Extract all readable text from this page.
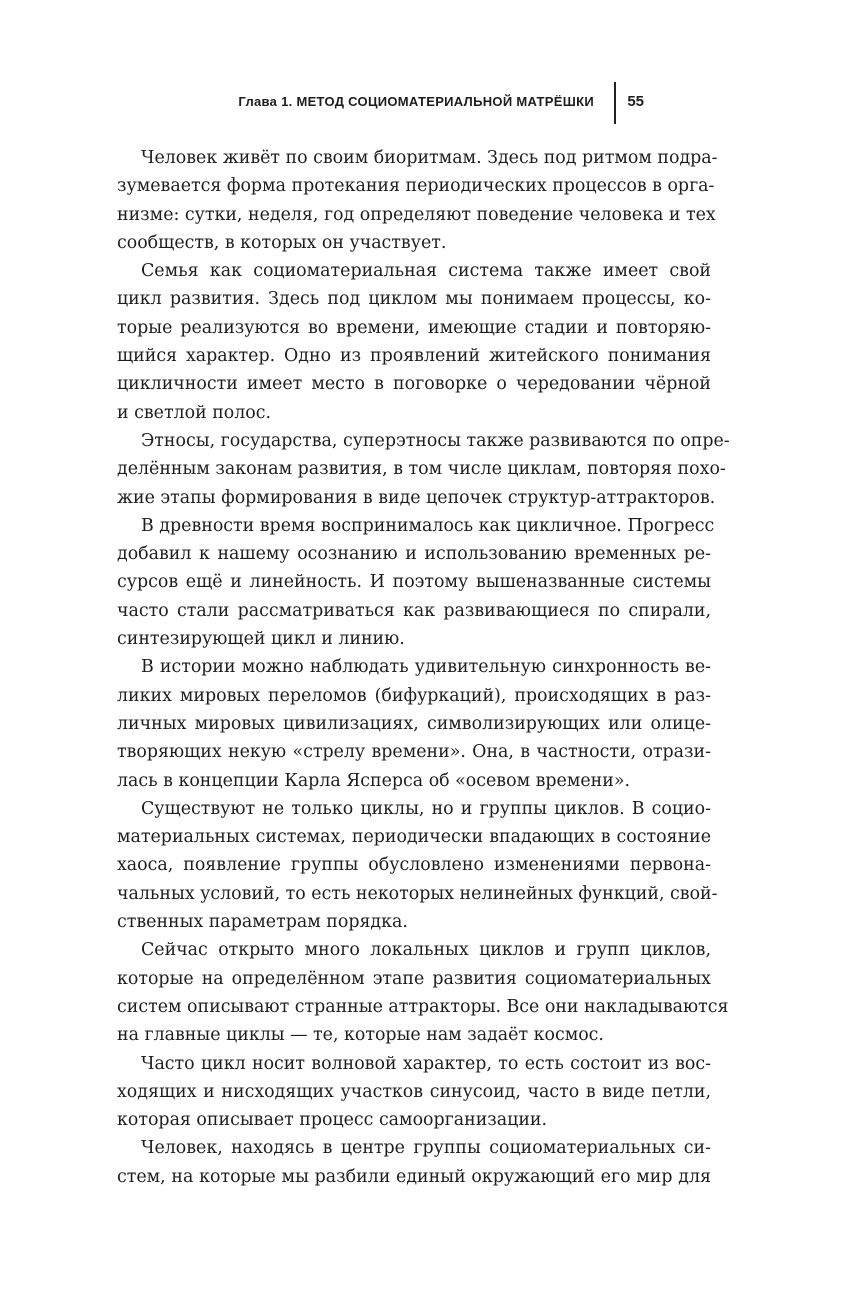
Глава 1. МЕТОД СОЦИОМАТЕРИАЛЬНОЙ МАТРЁШКИ 55
Человек живёт по своим биоритмам. Здесь под ритмом подра-
зумевается форма протекания периодических процессов в орга-
низме: сутки, неделя, год определяют поведение человека и тех
сообществ, в которых он участвует.
Семья как социоматериальная система также имеет свой
цикл развития. Здесь под циклом мы понимаем процессы, ко-
торые реализуются во времени, имеющие стадии и повторяю-
щийся характер. Одно из проявлений житейского понимания
цикличности имеет место в поговорке о чередовании чёрной
и светлой полос.
Этносы, государства, суперэтносы также развиваются по опре-
делённым законам развития, в том числе циклам, повторяя похо-
жие этапы формирования в виде цепочек структур-аттракторов.
В древности время воспринималось как цикличное. Прогресс
добавил к нашему осознанию и использованию временных ре-
сурсов ещё и линейность. И поэтому вышеназванные системы
часто стали рассматриваться как развивающиеся по спирали,
синтезирующей цикл и линию.
В истории можно наблюдать удивительную синхронность ве-
ликих мировых переломов (бифуркаций), происходящих в раз-
личных мировых цивилизациях, символизирующих или олице-
творяющих некую «стрелу времени». Она, в частности, отрази-
лась в концепции Карла Ясперса об «осевом времени».
Существуют не только циклы, но и группы циклов. В социо-
материальных системах, периодически впадающих в состояние
хаоса, появление группы обусловлено изменениями первона-
чальных условий, то есть некоторых нелинейных функций, свой-
ственных параметрам порядка.
Сейчас открыто много локальных циклов и групп циклов,
которые на определённом этапе развития социоматериальных
систем описывают странные аттракторы. Все они накладываются
на главные циклы — те, которые нам задаёт космос.
Часто цикл носит волновой характер, то есть состоит из вос-
ходящих и нисходящих участков синусоид, часто в виде петли,
которая описывает процесс самоорганизации.
Человек, находясь в центре группы социоматериальных си-
стем, на которые мы разбили единый окружающий его мир для
